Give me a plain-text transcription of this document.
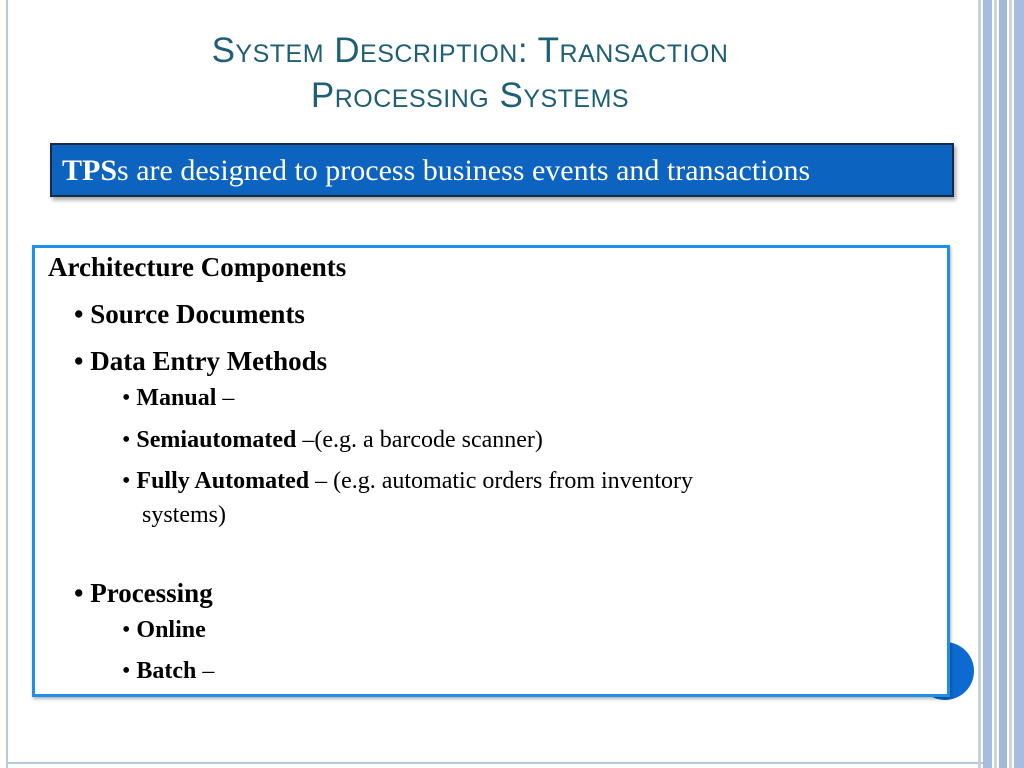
System Description: Transaction
Processing Systems
TPSs are designed to process business events and transactions
Architecture Components
• Source Documents
• Data Entry Methods
• Manual –
• Semiautomated –(e.g. a barcode scanner)
• Fully Automated – (e.g. automatic orders from inventory
systems)
• Processing
• Online
• Batch –
